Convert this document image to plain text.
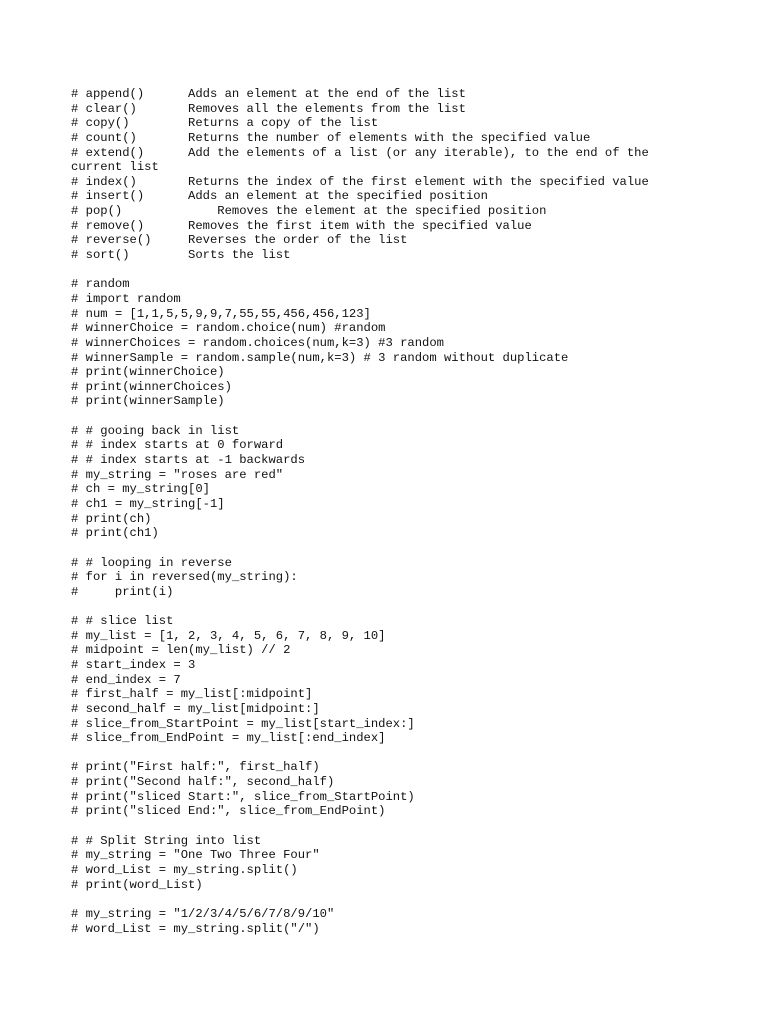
# append()      Adds an element at the end of the list
# clear()       Removes all the elements from the list
# copy()        Returns a copy of the list
# count()       Returns the number of elements with the specified value
# extend()      Add the elements of a list (or any iterable), to the end of the
current list
# index()       Returns the index of the first element with the specified value
# insert()      Adds an element at the specified position
# pop()             Removes the element at the specified position
# remove()      Removes the first item with the specified value
# reverse()     Reverses the order of the list
# sort()        Sorts the list
# random
# import random
# num = [1,1,5,5,9,9,7,55,55,456,456,123]
# winnerChoice = random.choice(num) #random
# winnerChoices = random.choices(num,k=3) #3 random
# winnerSample = random.sample(num,k=3) # 3 random without duplicate
# print(winnerChoice)
# print(winnerChoices)
# print(winnerSample)
# # gooing back in list
# # index starts at 0 forward
# # index starts at -1 backwards
# my_string = "roses are red"
# ch = my_string[0]
# ch1 = my_string[-1]
# print(ch)
# print(ch1)
# # looping in reverse
# for i in reversed(my_string):
#     print(i)
# # slice list
# my_list = [1, 2, 3, 4, 5, 6, 7, 8, 9, 10]
# midpoint = len(my_list) // 2
# start_index = 3
# end_index = 7
# first_half = my_list[:midpoint]
# second_half = my_list[midpoint:]
# slice_from_StartPoint = my_list[start_index:]
# slice_from_EndPoint = my_list[:end_index]
# print("First half:", first_half)
# print("Second half:", second_half)
# print("sliced Start:", slice_from_StartPoint)
# print("sliced End:", slice_from_EndPoint)
# # Split String into list
# my_string = "One Two Three Four"
# word_List = my_string.split()
# print(word_List)
# my_string = "1/2/3/4/5/6/7/8/9/10"
# word_List = my_string.split("/")
